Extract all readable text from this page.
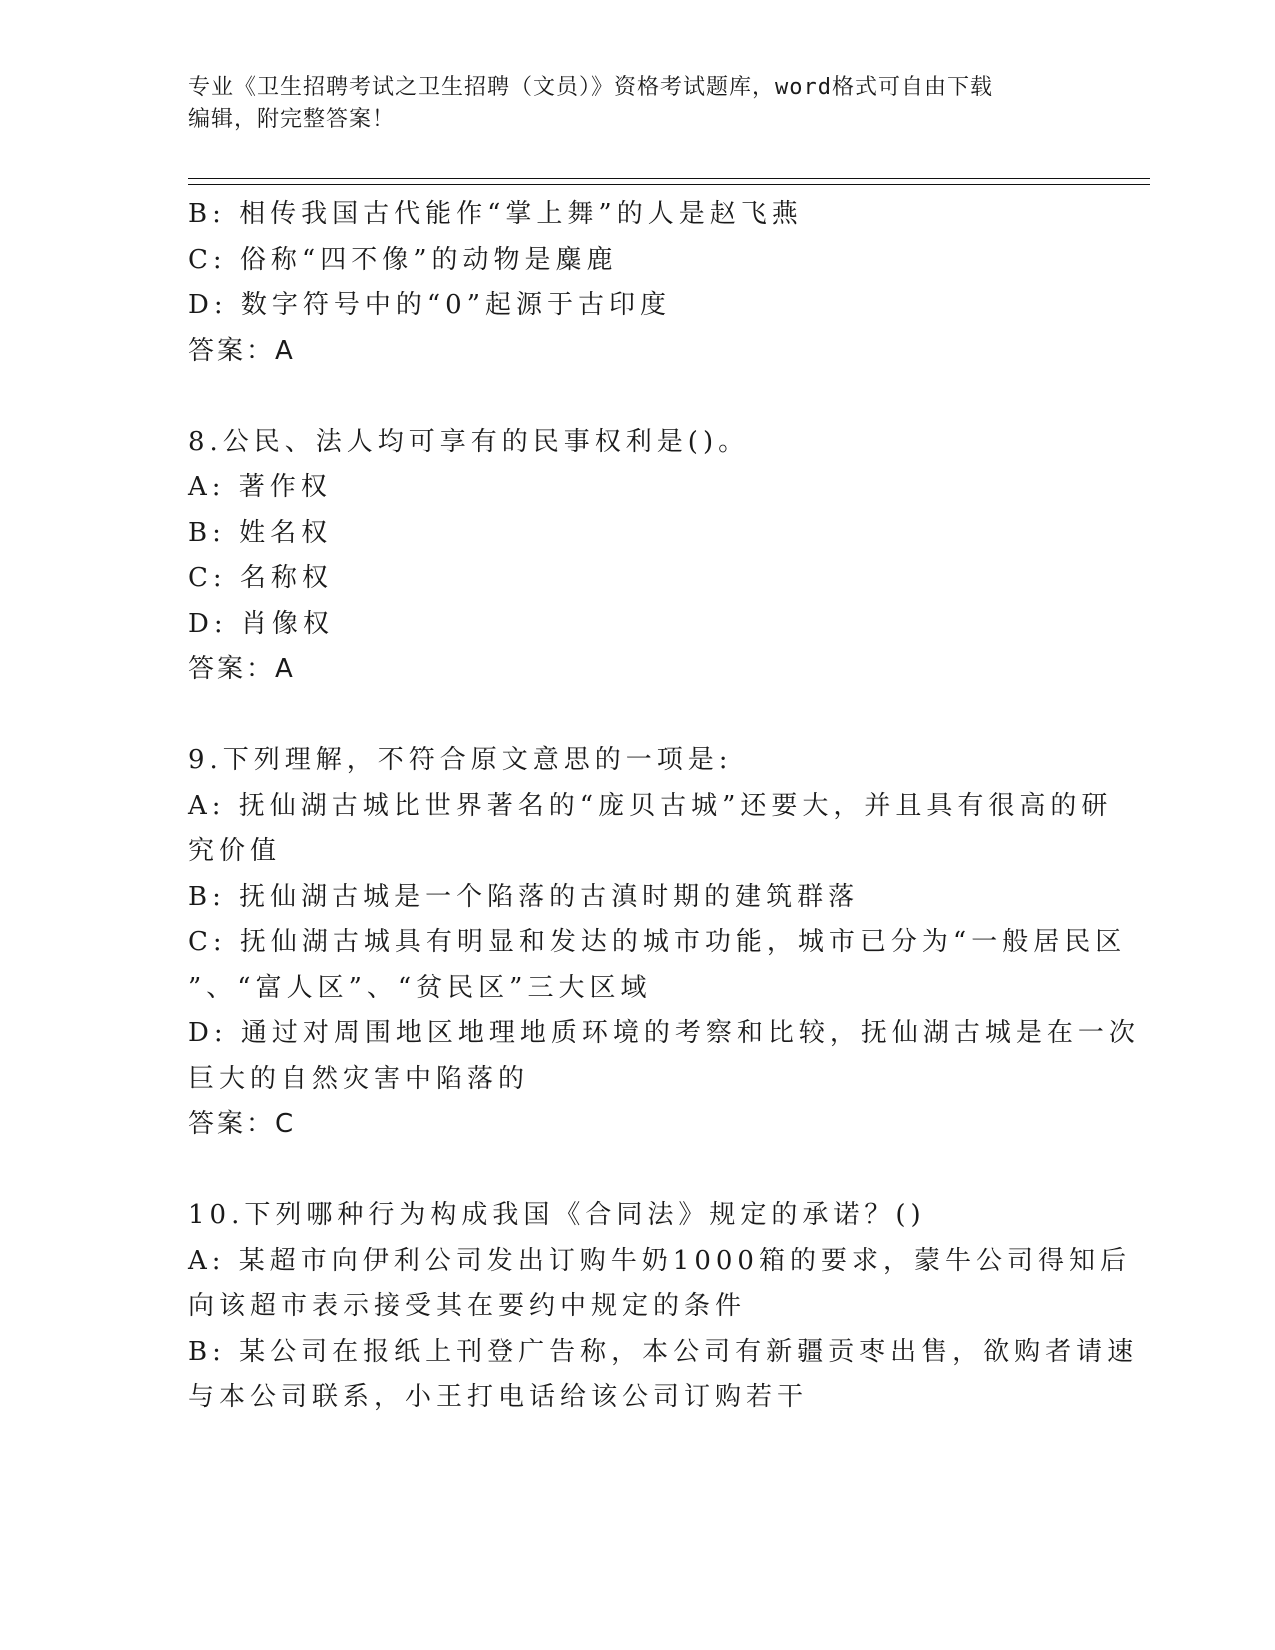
专业《卫生招聘考试之卫生招聘（文员）》资格考试题库，word格式可自由下载
编辑，附完整答案！
B: 相传我国古代能作“掌上舞”的人是赵飞燕
C: 俗称“四不像”的动物是麋鹿
D: 数字符号中的“0”起源于古印度
答案：A
8.公民、法人均可享有的民事权利是()。
A: 著作权
B: 姓名权
C: 名称权
D: 肖像权
答案：A
9.下列理解，不符合原文意思的一项是:
A: 抚仙湖古城比世界著名的“庞贝古城”还要大，并且具有很高的研
究价值
B: 抚仙湖古城是一个陷落的古滇时期的建筑群落
C: 抚仙湖古城具有明显和发达的城市功能，城市已分为“一般居民区
”、“富人区”、“贫民区”三大区域
D: 通过对周围地区地理地质环境的考察和比较，抚仙湖古城是在一次
巨大的自然灾害中陷落的
答案：C
10.下列哪种行为构成我国《合同法》规定的承诺？()
A: 某超市向伊利公司发出订购牛奶1000箱的要求，蒙牛公司得知后
向该超市表示接受其在要约中规定的条件
B: 某公司在报纸上刊登广告称，本公司有新疆贡枣出售，欲购者请速
与本公司联系，小王打电话给该公司订购若干
